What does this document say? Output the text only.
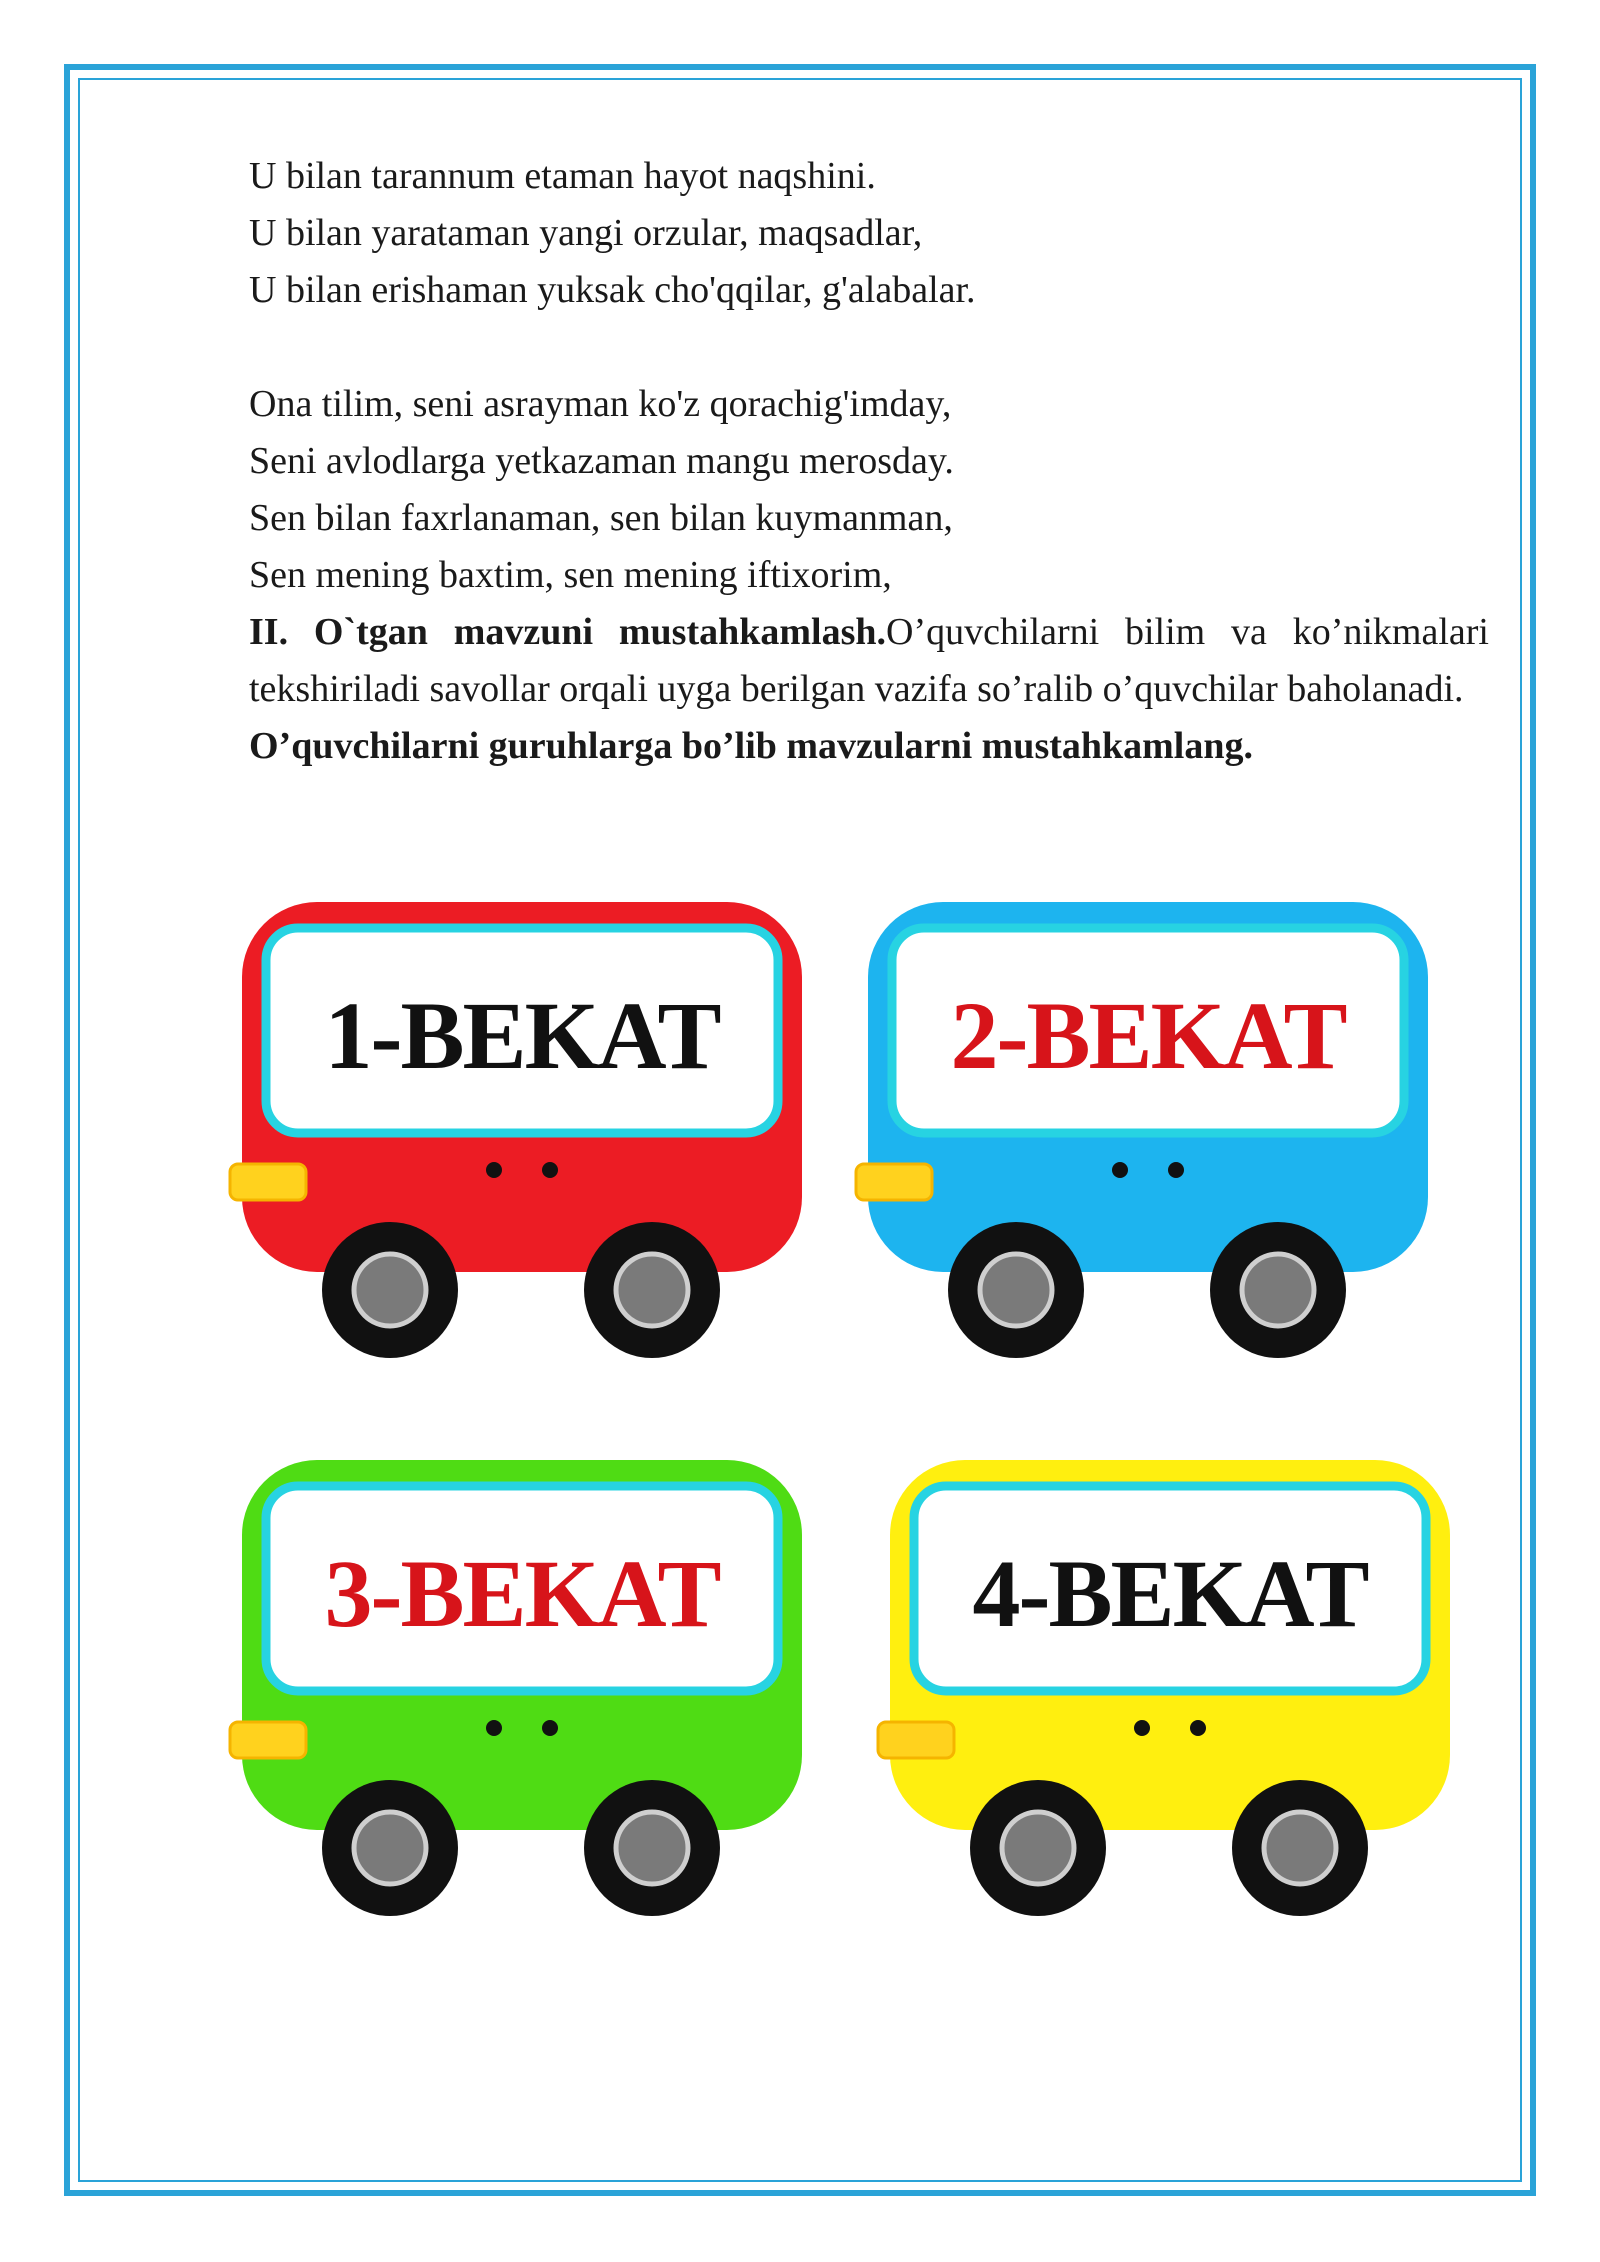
U bilan tarannum etaman hayot naqshini.
U bilan yarataman yangi orzular, maqsadlar,
U bilan erishaman yuksak cho'qqilar, g'alabalar.
Ona tilim, seni asrayman ko'z qorachig'imday,
Seni avlodlarga yetkazaman mangu merosday.
Sen bilan faxrlanaman, sen bilan kuymanman,
Sen mening baxtim, sen mening iftixorim,
II. O`tgan mavzuni mustahkamlash.O’quvchilarni bilim va ko’nikmalari tekshiriladi savollar orqali uyga berilgan vazifa so’ralib o’quvchilar baholanadi.
O’quvchilarni guruhlarga bo’lib mavzularni mustahkamlang.
1-BEKAT 2-BEKAT
3-BEKAT	4-BEKAT
